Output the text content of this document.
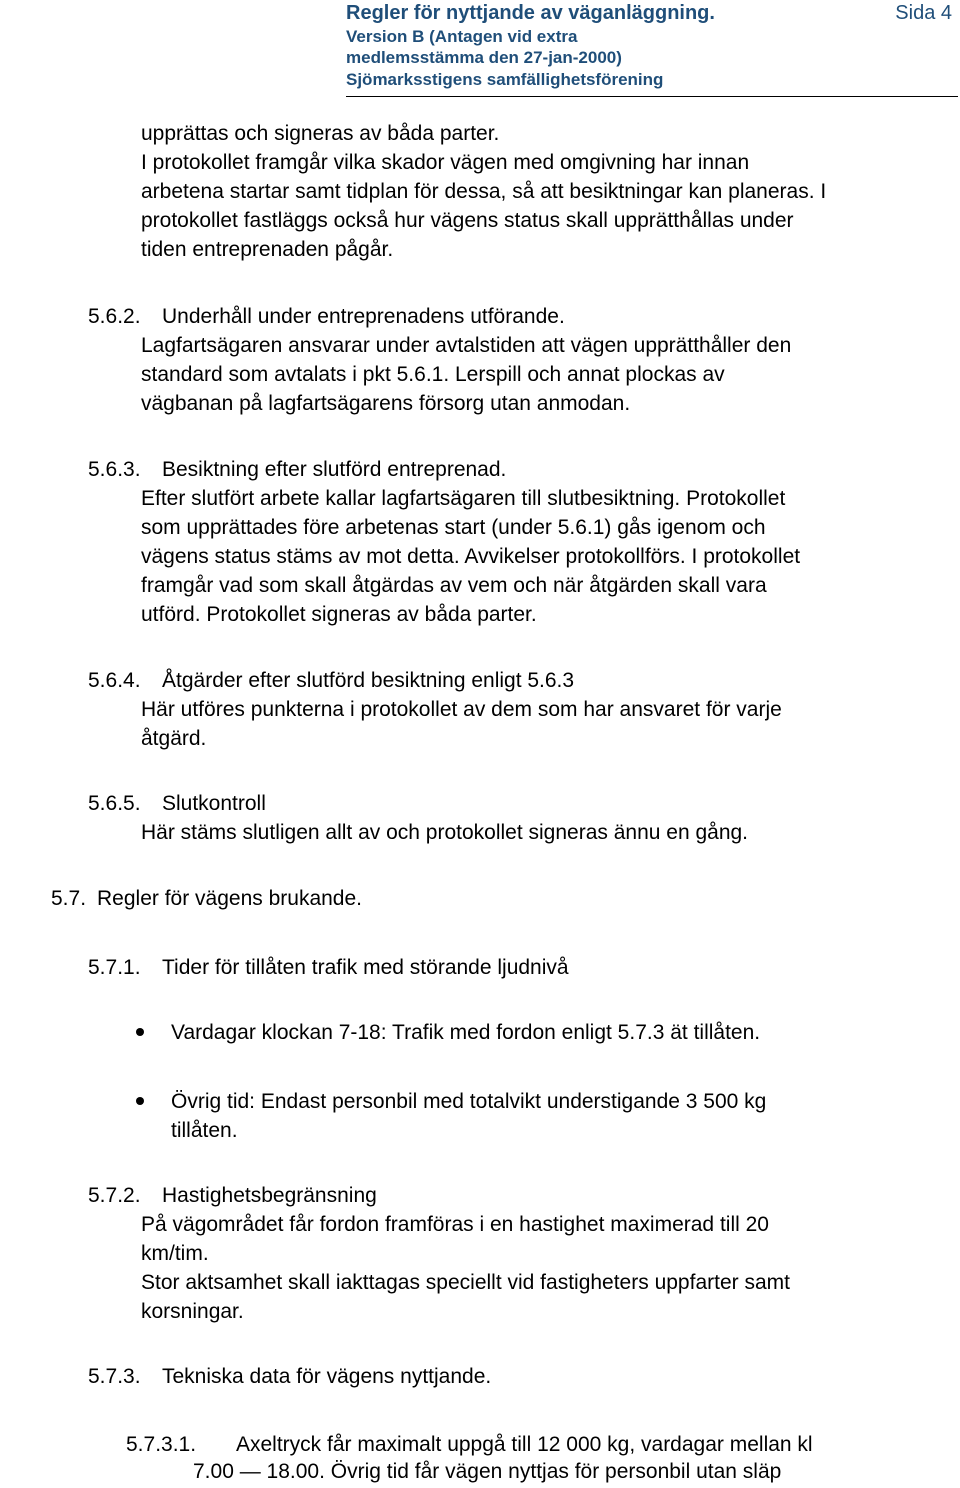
Regler för nyttjande av väganläggning.	Sida 4
Version B (Antagen vid extra
medlemsstämma den 27-jan-2000)
Sjömarksstigens samfällighetsförening
upprättas och signeras av båda parter.
I protokollet framgår vilka skador vägen med omgivning har innan
arbetena startar samt tidplan för dessa, så att besiktningar kan planeras. I
protokollet fastläggs också hur vägens status skall upprätthållas under
tiden entreprenaden pågår.
5.6.2. Underhåll under entreprenadens utförande.
Lagfartsägaren ansvarar under avtalstiden att vägen upprätthåller den
standard som avtalats i pkt 5.6.1. Lerspill och annat plockas av
vägbanan på lagfartsägarens försorg utan anmodan.
5.6.3. Besiktning efter slutförd entreprenad.
Efter slutfört arbete kallar lagfartsägaren till slutbesiktning. Protokollet
som upprättades före arbetenas start (under 5.6.1) gås igenom och
vägens status stäms av mot detta. Avvikelser protokollförs. I protokollet
framgår vad som skall åtgärdas av vem och när åtgärden skall vara
utförd. Protokollet signeras av båda parter.
5.6.4. Åtgärder efter slutförd besiktning enligt 5.6.3
Här utföres punkterna i protokollet av dem som har ansvaret för varje
åtgärd.
5.6.5. Slutkontroll
Här stäms slutligen allt av och protokollet signeras ännu en gång.
5.7. Regler för vägens brukande.
5.7.1. Tider för tillåten trafik med störande ljudnivå
Vardagar klockan 7-18: Trafik med fordon enligt 5.7.3 ät tillåten.
Övrig tid: Endast personbil med totalvikt understigande 3 500 kg
tillåten.
5.7.2. Hastighetsbegränsning
På vägområdet får fordon framföras i en hastighet maximerad till 20
km/tim.
Stor aktsamhet skall iakttagas speciellt vid fastigheters uppfarter samt
korsningar.
5.7.3. Tekniska data för vägens nyttjande.
5.7.3.1. Axeltryck får maximalt uppgå till 12 000 kg, vardagar mellan kl
7.00 — 18.00. Övrig tid får vägen nyttjas för personbil utan släp
